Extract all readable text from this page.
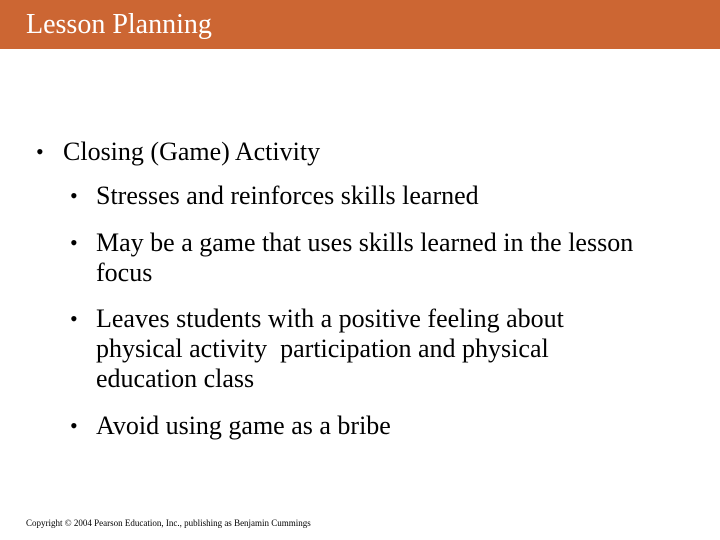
Lesson Planning
• Closing (Game) Activity
• Stresses and reinforces skills learned
• May be a game that uses skills learned in the lesson focus
• Leaves students with a positive feeling about physical activity  participation and physical education class
• Avoid using game as a bribe
Copyright © 2004 Pearson Education, Inc., publishing as Benjamin Cummings
